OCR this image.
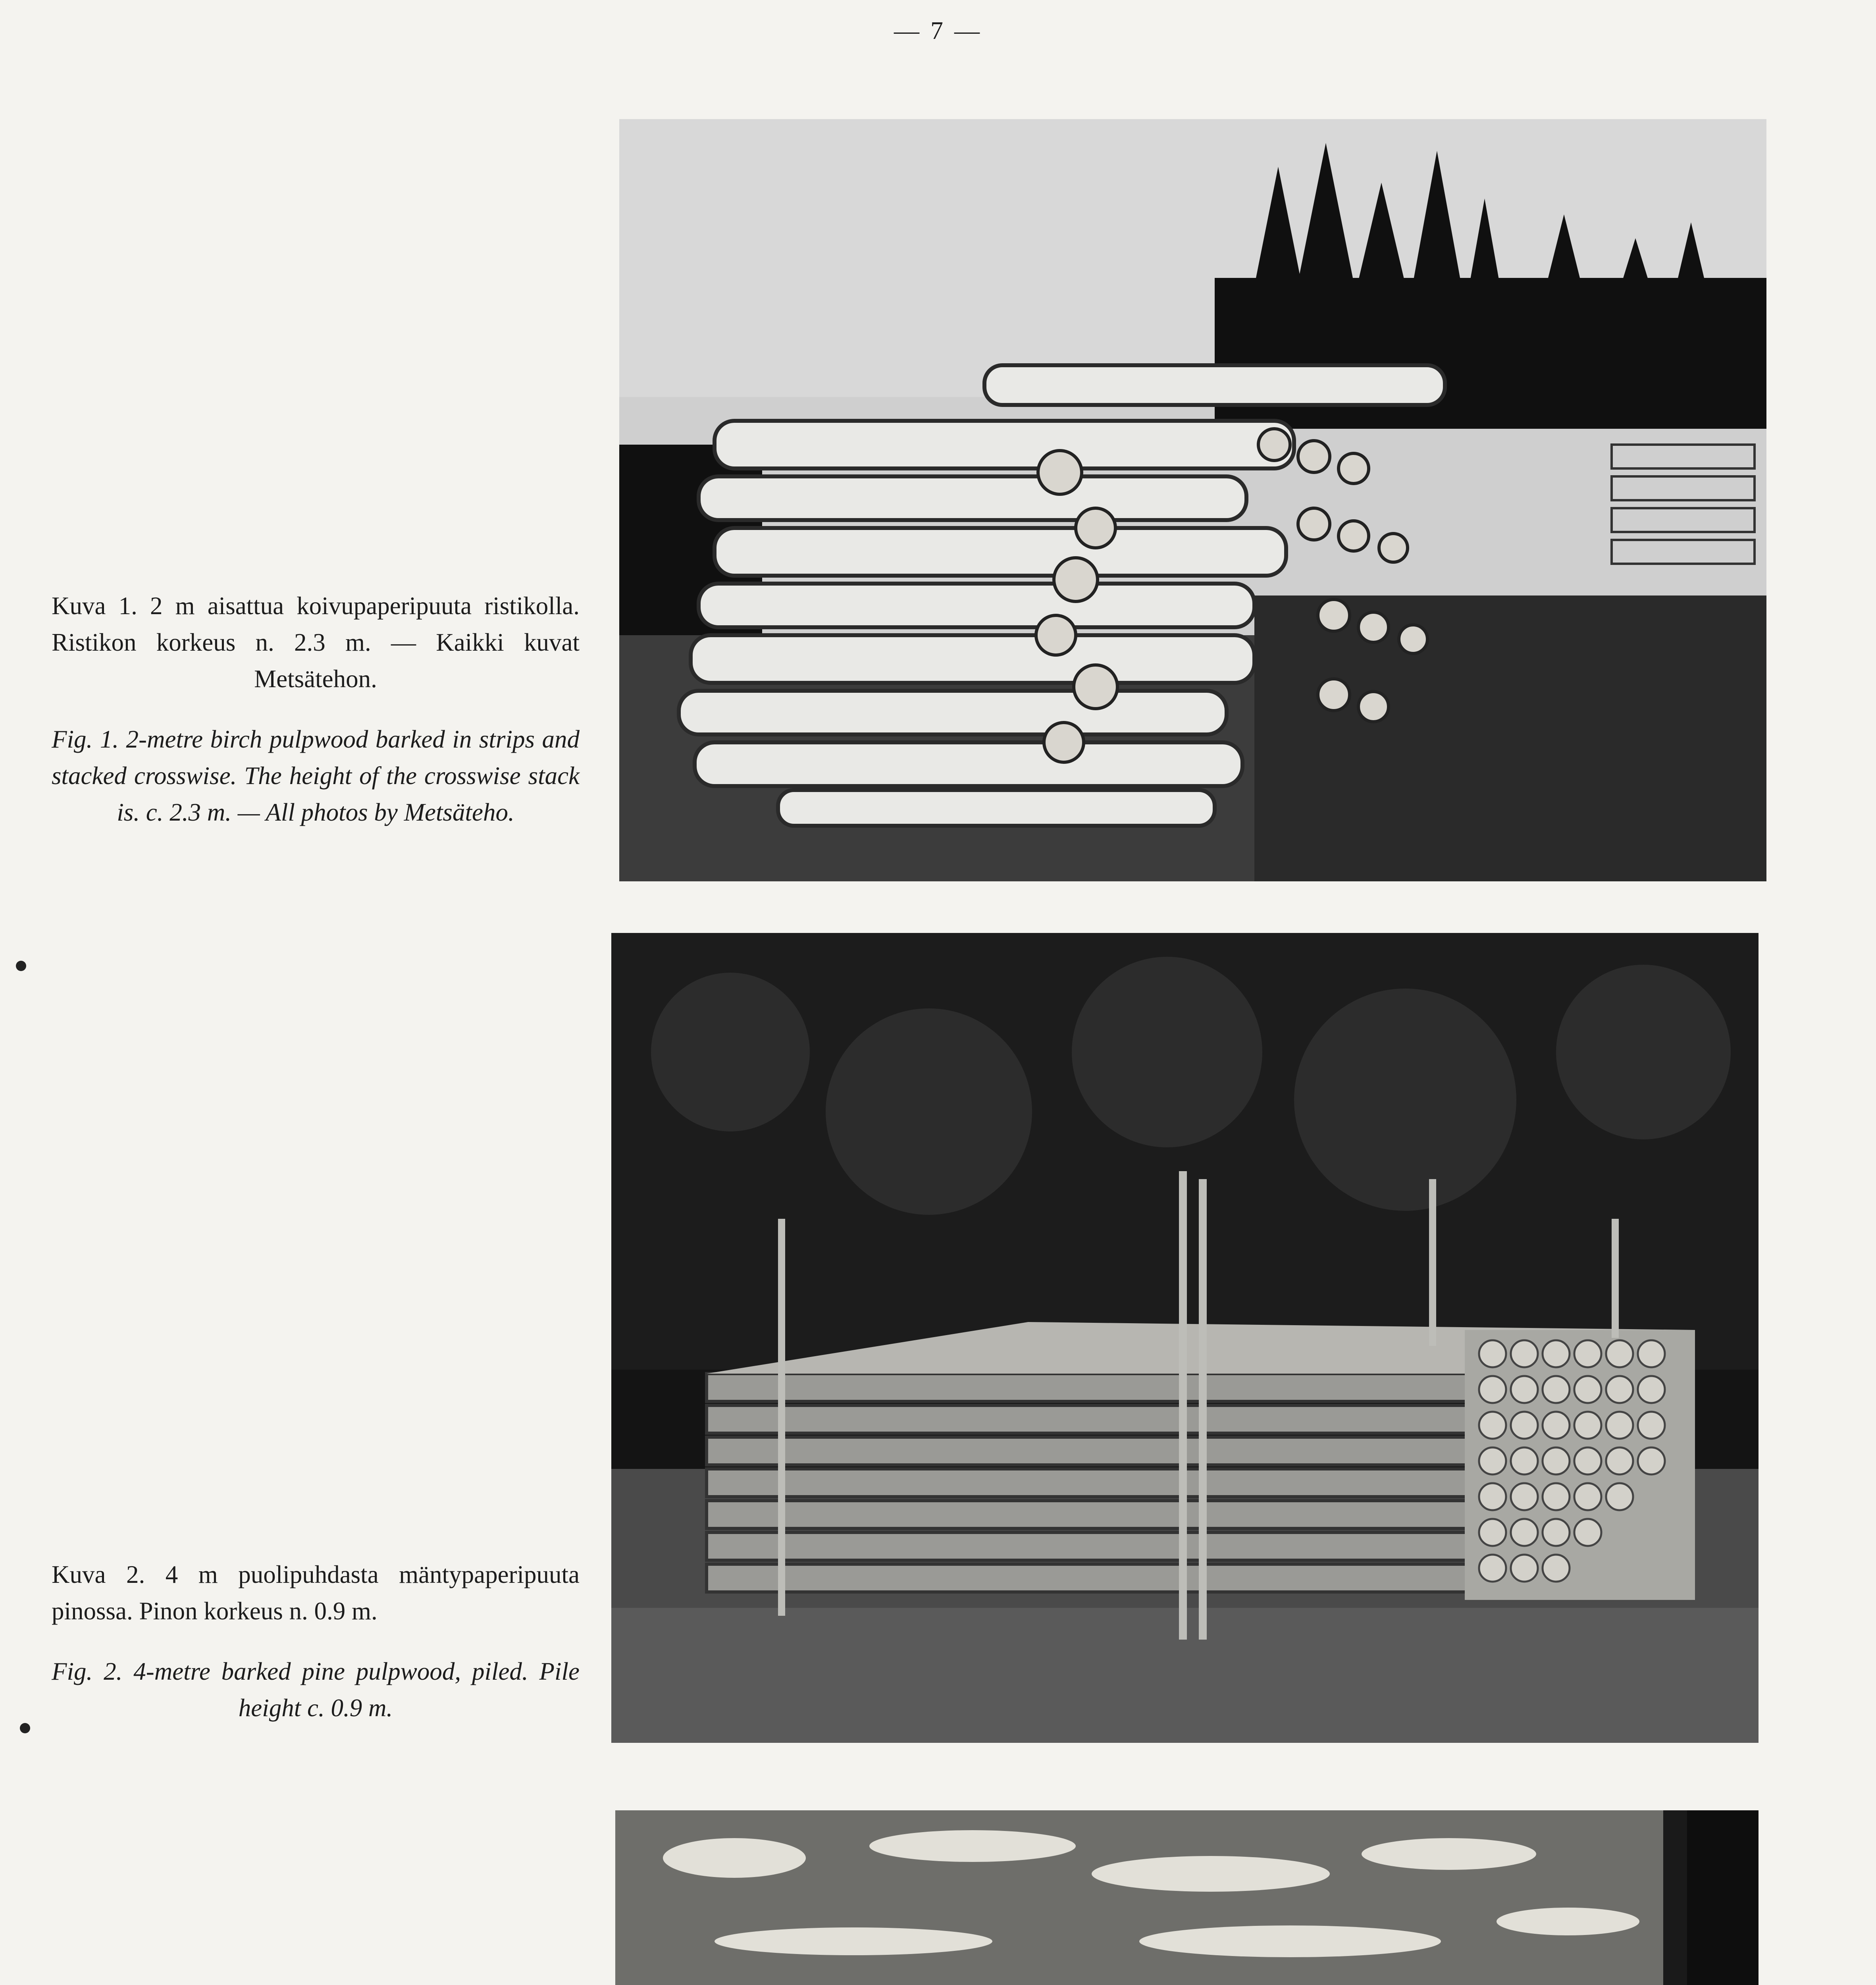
— 7 —

Kuva 1. 2 m aisattua koivupaperipuuta ristikolla. Ristikon korkeus n. 2.3 m. — Kaikki kuvat Metsätehon.

Fig. 1. 2-metre birch pulpwood barked in strips and stacked crosswise. The height of the crosswise stack is. c. 2.3 m. — All photos by Metsäteho.

Kuva 2. 4 m puolipuhdasta mäntypaperipuuta pinossa. Pinon korkeus n. 0.9 m.

Fig. 2. 4-metre barked pine pulpwood, piled. Pile height c. 0.9 m.
